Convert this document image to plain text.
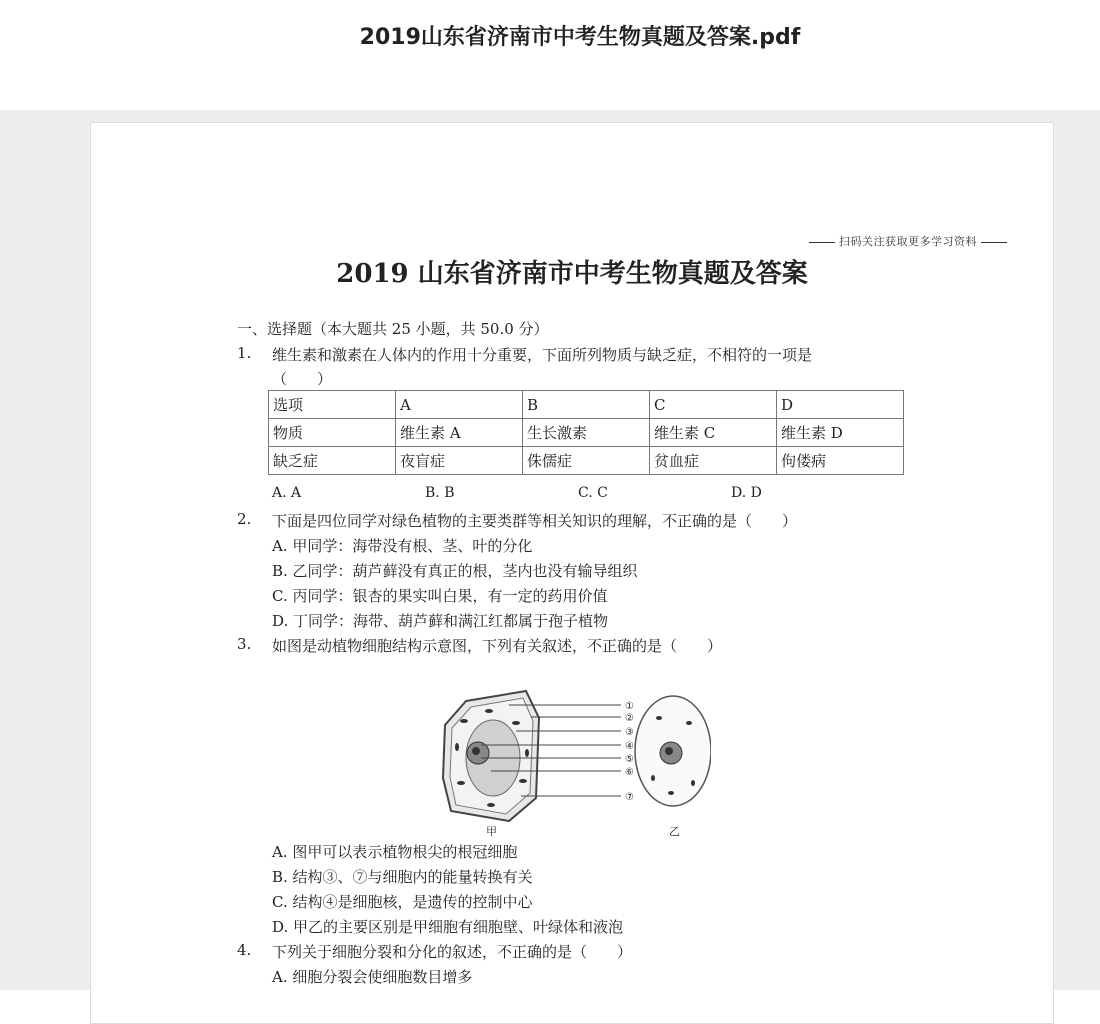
2019山东省济南市中考生物真题及答案.pdf
扫码关注获取更多学习资料
2019 山东省济南市中考生物真题及答案
一、选择题（本大题共 25 小题，共 50.0 分）
1. 维生素和激素在人体内的作用十分重要，下面所列物质与缺乏症，不相符的一项是
（　　）
选项	A	B	C	D
物质	维生素 A	生长激素	维生素 C	维生素 D
缺乏症	夜盲症	侏儒症	贫血症	佝偻病
A. A	B. B	C. C	D. D
2. 下面是四位同学对绿色植物的主要类群等相关知识的理解，不正确的是（　　）
A. 甲同学：海带没有根、茎、叶的分化
B. 乙同学：葫芦藓没有真正的根，茎内也没有输导组织
C. 丙同学：银杏的果实叫白果，有一定的药用价值
D. 丁同学：海带、葫芦藓和满江红都属于孢子植物
3. 如图是动植物细胞结构示意图，下列有关叙述，不正确的是（　　）
①
②
③
④
⑤
⑥
⑦
甲	乙
A. 图甲可以表示植物根尖的根冠细胞
B. 结构③、⑦与细胞内的能量转换有关
C. 结构④是细胞核，是遗传的控制中心
D. 甲乙的主要区别是甲细胞有细胞壁、叶绿体和液泡
4. 下列关于细胞分裂和分化的叙述，不正确的是（　　）
A. 细胞分裂会使细胞数目增多
